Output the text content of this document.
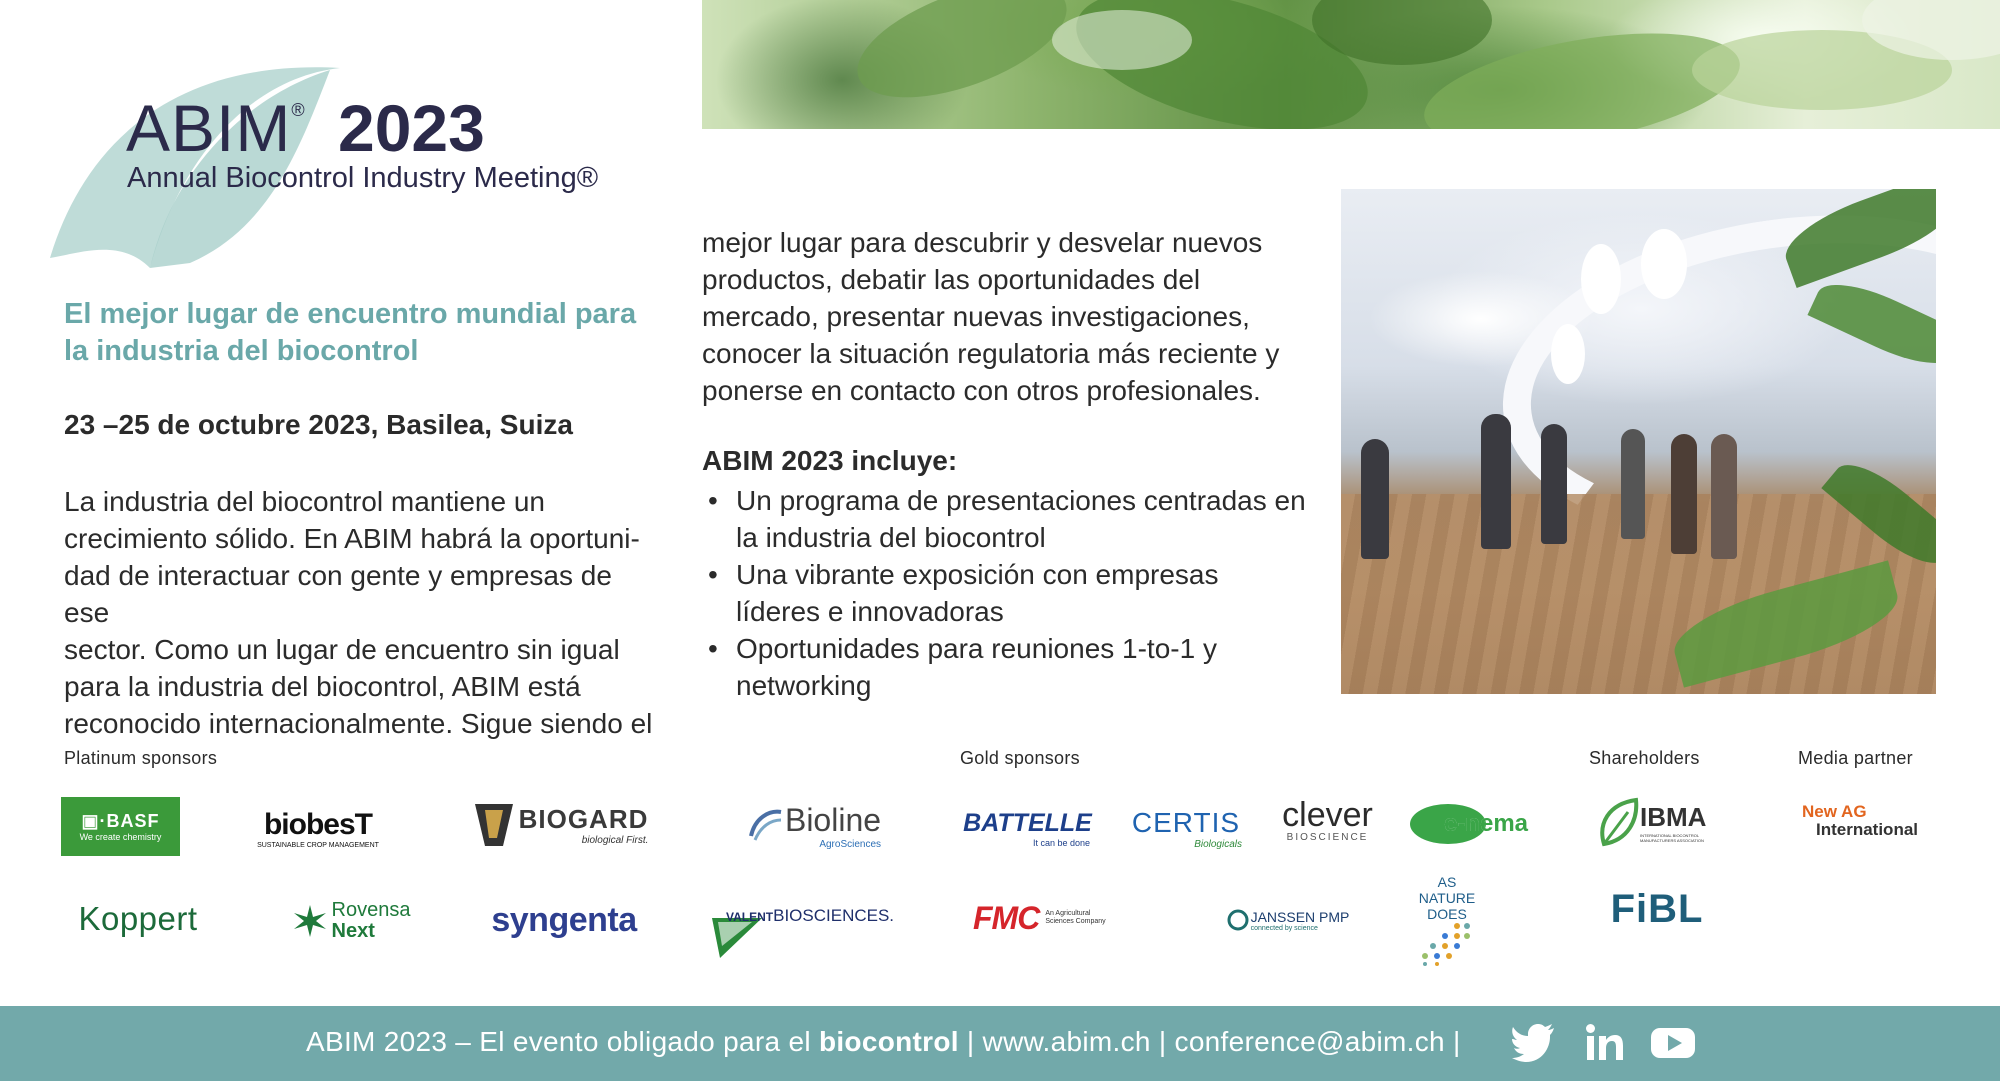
ABIM® 2023
Annual Biocontrol Industry Meeting®
El mejor lugar de encuentro mundial para la industria del biocontrol
23 –25 de octubre 2023, Basilea, Suiza
La industria del biocontrol mantiene un
crecimiento sólido. En ABIM habrá la oportuni-
dad de interactuar con gente y empresas de ese
sector. Como un lugar de encuentro sin igual
para la industria del biocontrol, ABIM está
reconocido internacionalmente. Sigue siendo el
mejor lugar para descubrir y desvelar nuevos
productos, debatir las oportunidades del
mercado, presentar nuevas investigaciones,
conocer la situación regulatoria más reciente y
ponerse en contacto con otros profesionales.
ABIM 2023 incluye:
• Un programa de presentaciones centradas en
la industria del biocontrol
• Una vibrante exposición con empresas
líderes e innovadoras
• Oportunidades para reuniones 1-to-1 y
networking
Platinum sponsors	Gold sponsors	Shareholders	Media partner
▣·BASF
We create chemistry	biobesT
SUSTAINABLE CROP MANAGEMENT
BIOGARD
biological First.
Bioline
AgroSciences
BATTELLE
It can be done
CERTIS
Biologicals
clever
BIOSCIENCE	e-nema	IBMA
INTERNATIONAL BIOCONTROL MANUFACTURERS ASSOCIATION
New AG
International
Koppert	Rovensa
Next	syngenta	VALENTBIOSCIENCES. FMC An Agricultural Sciences Company	JANSSEN PMP
connected by science
AS
NATURE
DOES	FiBL
ABIM 2023 – El evento obligado para el biocontrol | www.abim.ch | conference@abim.ch |
